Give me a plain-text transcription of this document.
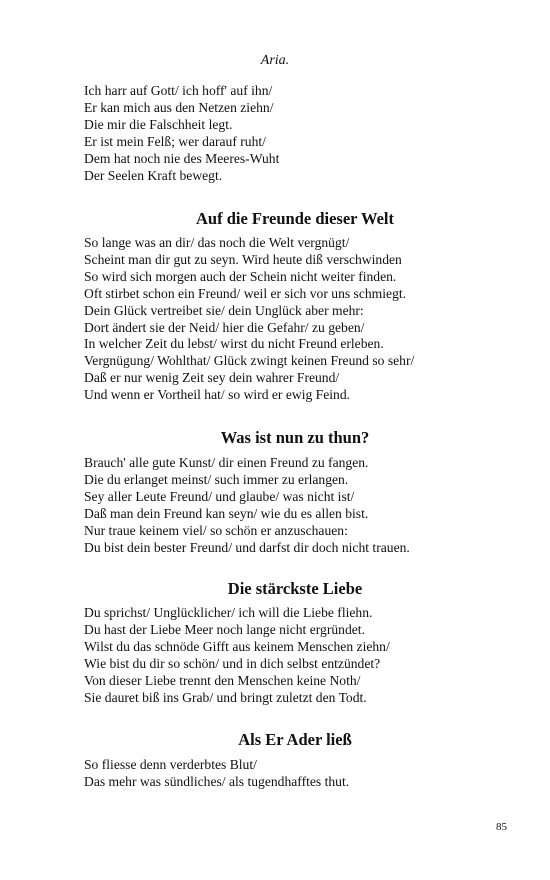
Aria.

Ich harr auf Gott/ ich hoff' auf ihn/
Er kan mich aus den Netzen ziehn/
Die mir die Falschheit legt.
Er ist mein Felß; wer darauf ruht/
Dem hat noch nie des Meeres-Wuht
Der Seelen Kraft bewegt.
Auf die Freunde dieser Welt
So lange was an dir/ das noch die Welt vergnügt/
Scheint man dir gut zu seyn. Wird heute diß verschwinden
So wird sich morgen auch der Schein nicht weiter finden.
Oft stirbet schon ein Freund/ weil er sich vor uns schmiegt.
Dein Glück vertreibet sie/ dein Unglück aber mehr:
Dort ändert sie der Neid/ hier die Gefahr/ zu geben/
In welcher Zeit du lebst/ wirst du nicht Freund erleben.
Vergnügung/ Wohlthat/ Glück zwingt keinen Freund so sehr/
Daß er nur wenig Zeit sey dein wahrer Freund/
Und wenn er Vortheil hat/ so wird er ewig Feind.
Was ist nun zu thun?
Brauch' alle gute Kunst/ dir einen Freund zu fangen.
Die du erlanget meinst/ such immer zu erlangen.
Sey aller Leute Freund/ und glaube/ was nicht ist/
Daß man dein Freund kan seyn/ wie du es allen bist.
Nur traue keinem viel/ so schön er anzuschauen:
Du bist dein bester Freund/ und darfst dir doch nicht trauen.
Die stärckste Liebe
Du sprichst/ Unglücklicher/ ich will die Liebe fliehn.
Du hast der Liebe Meer noch lange nicht ergründet.
Wilst du das schnöde Gifft aus keinem Menschen ziehn/
Wie bist du dir so schön/ und in dich selbst entzündet?
Von dieser Liebe trennt den Menschen keine Noth/
Sie dauret biß ins Grab/ und bringt zuletzt den Todt.
Als Er Ader ließ
So fliesse denn verderbtes Blut/
Das mehr was sündliches/ als tugendhafftes thut.
85
